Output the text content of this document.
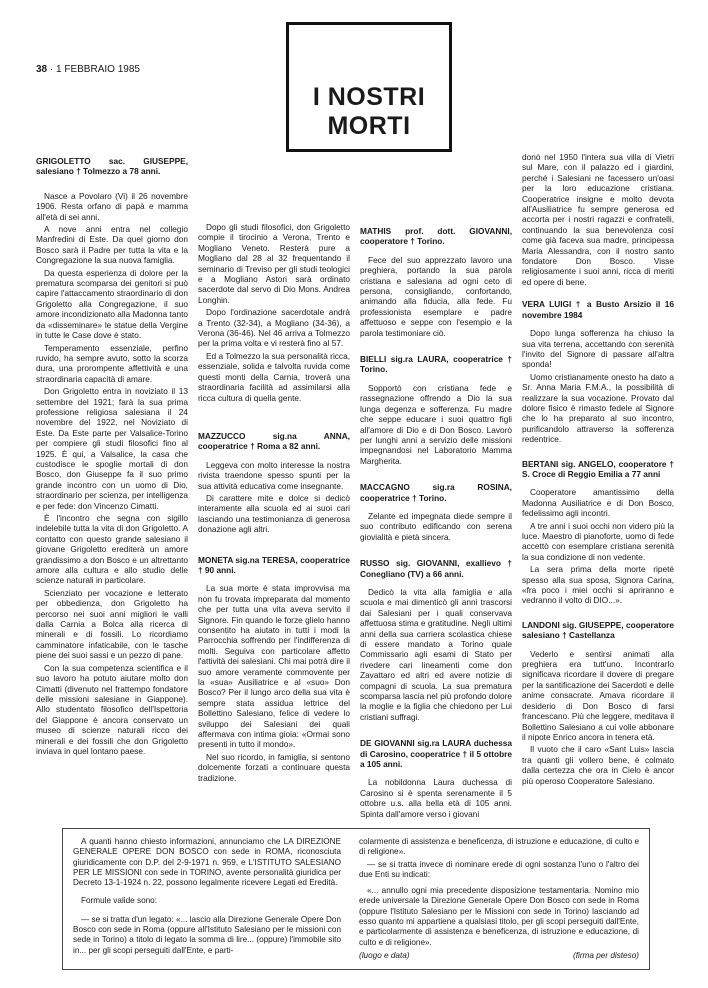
38 · 1 FEBBRAIO 1985
I NOSTRI
MORTI

GRIGOLETTO sac. GIUSEPPE, salesiano † Tolmezzo a 78 anni.

Nasce a Povolaro (Vi) il 26 novembre 1906. Resta orfano di papà e mamma all'età di sei anni.

A nove anni entra nel collegio Manfredini di Este. Da quel giorno don Bosco sarà il Padre per tutta la vita e la Congregazione la sua nuova famiglia.

Da questa esperienza di dolore per la prematura scomparsa dei genitori si può capire l'attaccamento straordinario di don Grigoletto alla Congregazione, il suo amore incondizionato alla Madonna tanto da «disseminare» le statue della Vergine in tutte le Case dove è stato.

Temperamento essenziale, perfino ruvido, ha sempre avuto, sotto la scorza dura, una prorompente affettività e una straordinaria capacità di amare.

Don Grigoletto entra in noviziato il 13 settembre del 1921; farà la sua prima professione religiosa salesiana il 24 novembre del 1922, nel Noviziato di Este. Da Este parte per Valsalice-Torino per compiere gli studi filosofici fino al 1925. È qui, a Valsalice, la casa che custodisce le spoglie mortali di don Bosco, don Giuseppe fa il suo primo grande incontro con un uomo di Dio, straordinario per scienza, per intelligenza e per fede: don Vincenzo Cimatti.

È l'incontro che segna con sigillo indelebile tutta la vita di don Grigoletto. A contatto con questo grande salesiano il giovane Grigoletto erediterà un amore grandissimo a don Bosco e un altrettanto amore alla cultura e allo studio delle scienze naturali in particolare.

Scienziato per vocazione e letterato per obbedienza, don Grigoletto ha percorso nei suoi anni migliori le valli dalla Carnia a Bolca alla ricerca di minerali e di fossili. Lo ricordiamo camminatore infaticabile, con le tasche piene dei suoi sassi e un pezzo di pane.

Con la sua competenza scientifica e il suo lavoro ha potuto aiutare molto don Cimatti (divenuto nel frattempo fondatore delle missioni salesiane in Giappone). Allo studentato filosofico dell'Ispettoria del Giappone è ancora conservato un museo di scienze naturali ricco dei minerali e dei fossili che don Grigoletto inviava in quel lontano paese.

Dopo gli studi filosofici, don Grigoletto compie il tirocinio a Verona, Trento e Mogliano Veneto. Resterà pure a Mogliano dal 28 al 32 frequentando il seminario di Treviso per gli studi teologici e a Mogliano Astori sarà ordinato sacerdote dal servo di Dio Mons. Andrea Longhin.

Dopo l'ordinazione sacerdotale andrà a Trento (32-34), a Mogliano (34-36), a Verona (36-46). Nel 46 arriva a Tolmezzo per la prima volta e vi resterà fino al 57.

Ed a Tolmezzo la sua personalità ricca, essenziale, solida e talvolta ruvida come questi monti della Carnia, troverà una straordinaria facilità ad assimilarsi alla ricca cultura di quella gente.

MAZZUCCO sig.na ANNA, cooperatrice † Roma a 82 anni.

Leggeva con molto interesse la nostra rivista traendone spesso spunti per la sua attività educativa come insegnante.

Di carattere mite e dolce si dedicò interamente alla scuola ed ai suoi cari lasciando una testimonianza di generosa donazione agli altri.

MONETA sig.na TERESA, cooperatrice † 90 anni.

La sua morte è stata improvvisa ma non fu trovata impreparata dal momento che per tutta una vita aveva servito il Signore. Fin quando le forze glielo hanno consentito ha aiutato in tutti i modi la Parrocchia soffrendo per l'indifferenza di molti. Seguiva con particolare affetto l'attività dei salesiani. Chi mai potrà dire il suo amore veramente commovente per la «sua» Ausiliatrice e al «suo» Don Bosco? Per il lungo arco della sua vita è sempre stata assidua lettrice del Bollettino Salesiano, felice di vedere lo sviluppo dei Salesiani dei quali affermava con intima gioia: «Ormai sono presenti in tutto il mondo».

Nel suo ricordo, in famiglia, si sentono dolcemente forzati a continuare questa tradizione.

MATHIS prof. dott. GIOVANNI, cooperatore † Torino.

Fece del suo apprezzato lavoro una preghiera, portando la sua parola cristiana e salesiana ad ogni ceto di persona, consigliando, confortando, animando alla fiducia, alla fede. Fu professionista esemplare e padre affettuoso e seppe con l'esempio e la parola testimoniare ciò.

BIELLI sig.ra LAURA, cooperatrice † Torino.

Sopportò con cristiana fede e rassegnazione offrendo a Dio la sua lunga degenza e sofferenza. Fu madre che seppe educare i suoi quattro figli all'amore di Dio e di Don Bosco. Lavorò per lunghi anni a servizio delle missioni impegnandosi nel Laboratorio Mamma Margherita.

MACCAGNO sig.ra ROSINA, cooperatrice † Torino.

Zelante ed impegnata diede sempre il suo contributo edificando con serena giovialità e pietà sincera.

RUSSO sig. GIOVANNI, exallievo † Conegliano (TV) a 66 anni.

Dedicò la vita alla famiglia e alla scuola e mai dimenticò gli anni trascorsi dai Salesiani per i quali conservava affettuosa stima e gratitudine. Negli ultimi anni della sua carriera scolastica chiese di essere mandato a Torino quale Commissario agli esami di Stato per rivedere cari lineamenti come don Zavattaro ed altri ed avere notizie di compagni di scuola. La sua prematura scomparsa lascia nel più profondo dolore la moglie e la figlia che chiedono per Lui cristiani suffragi.

DE GIOVANNI sig.ra LAURA duchessa di Carosino, cooperatrice † il 5 ottobre a 105 anni.

La nobildonna Laura duchessa di Carosino si è spenta serenamente il 5 ottobre u.s. alla bella età di 105 anni. Spinta dall'amore verso i giovani

donò nel 1950 l'intera sua villa di Vietri sul Mare, con il palazzo ed i giardini, perché i Salesiani ne facessero un'oasi per la loro educazione cristiana. Cooperatrice insigne e molto devota all'Ausiliatrice fu sempre generosa ed accorta per i nostri ragazzi e confratelli, continuando la sua benevolenza così come già faceva sua madre, principessa Maria Alessandra, con il nostro santo fondatore Don Bosco. Visse religiosamente i suoi anni, ricca di meriti ed opere di bene.

VERA LUIGI † a Busto Arsizio il 16 novembre 1984

Dopo lunga sofferenza ha chiuso la sua vita terrena, accettando con serenità l'invito del Signore di passare all'altra sponda!

Uomo cristianamente onesto ha dato a Sr. Anna Maria F.M.A., la possibilità di realizzare la sua vocazione. Provato dal dolore fisico è rimasto fedele al Signore che lo ha preparato al suo incontro, purificandolo attraverso la sofferenza redentrice.

BERTANI sig. ANGELO, cooperatore † S. Croce di Reggio Emilia a 77 anni

Cooperatore amantissimo della Madonna Ausiliatrice e di Don Bosco, fedelissimo agli incontri.

A tre anni i suoi occhi non videro più la luce. Maestro di pianoforte, uomo di fede accettò con esemplare cristiana serenità la sua condizione di non vedente.

La sera prima della morte ripeté spesso alla sua sposa, Signora Carina, «fra poco i miei occhi si apriranno e vedranno il volto di DIO...».

LANDONI sig. GIUSEPPE, cooperatore salesiano † Castellanza

Vederlo e sentirsi animati alla preghiera era tutt'uno. Incontrarlo significava ricordare il dovere di pregare per la santificazione dei Sacerdoti e delle anime consacrate. Amava ricordare il desiderio di Don Bosco di farsi francescano. Più che leggere, meditava il Bollettino Salesiano a cui volle abbonare il nipote Enrico ancora in tenera età.

Il vuoto che il caro «Sant Luis» lascia tra quanti gli vollero bene, è colmato dalla certezza che ora in Cielo è ancor più operoso Cooperatore Salesiano.

A quanti hanno chiesto informazioni, annunciamo che LA DIREZIONE GENERALE OPERE DON BOSCO con sede in ROMA, riconosciuta giuridicamente con D.P. del 2-9-1971 n. 959, e L'ISTITUTO SALESIANO PER LE MISSIONI con sede in TORINO, avente personalità giuridica per Decreto 13-1-1924 n. 22, possono legalmente ricevere Legati ed Eredità.

Formule valide sono:

— se si tratta d'un legato: «... lascio alla Direzione Generale Opere Don Bosco con sede in Roma (oppure all'Istituto Salesiano per le missioni con sede in Torino) a titolo di legato la somma di lire... (oppure) l'immobile sito in... per gli scopi perseguiti dall'Ente, e parti-

colarmente di assistenza e beneficenza, di istruzione e educazione, di culto e di religione».

— se si tratta invece di nominare erede di ogni sostanza l'uno o l'altro dei due Enti su indicati:

«... annullo ogni mia precedente disposizione testamentaria. Nomino mio erede universale la Direzione Generale Opere Don Bosco con sede in Roma (oppure l'Istituto Salesiano per le Missioni con sede in Torino) lasciando ad esso quanto mi appartiene a qualsiasi titolo, per gli scopi perseguiti dall'Ente, e particolarmente di assistenza e beneficenza, di istruzione e educazione, di culto e di religione».

(luogo e data)	(firma per disteso)
